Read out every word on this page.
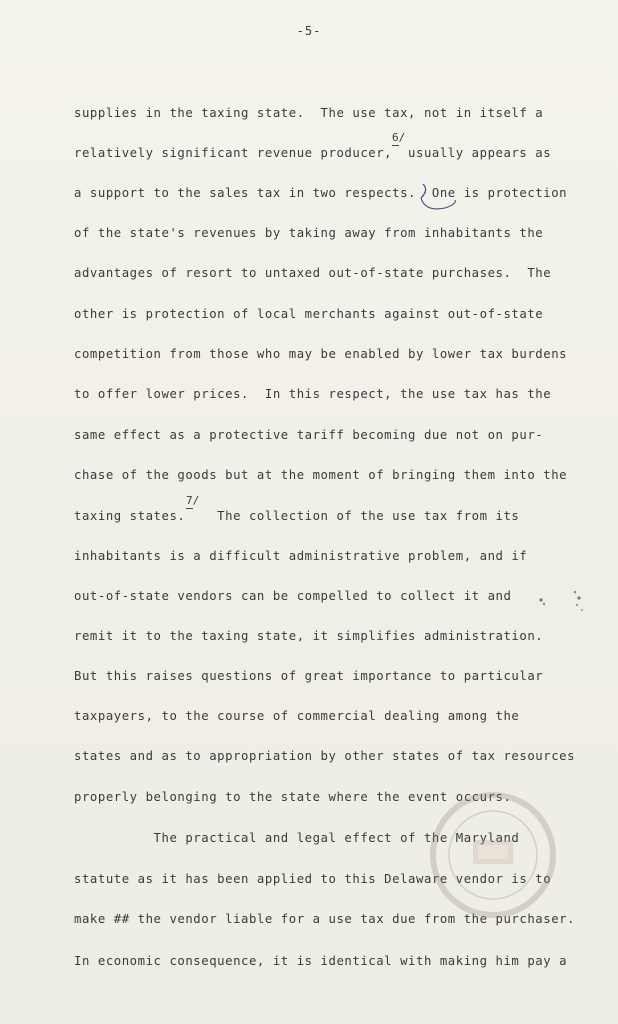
-5-
6/
7/
supplies in the taxing state.  The use tax, not in itself a
relatively significant revenue producer,  usually appears as
a support to the sales tax in two respects.  One is protection
of the state's revenues by taking away from inhabitants the
advantages of resort to untaxed out-of-state purchases.  The
other is protection of local merchants against out-of-state
competition from those who may be enabled by lower tax burdens
to offer lower prices.  In this respect, the use tax has the
same effect as a protective tariff becoming due not on pur-
chase of the goods but at the moment of bringing them into the
taxing states.    The collection of the use tax from its
inhabitants is a difficult administrative problem, and if
out-of-state vendors can be compelled to collect it and
remit it to the taxing state, it simplifies administration.
But this raises questions of great importance to particular
taxpayers, to the course of commercial dealing among the
states and as to appropriation by other states of tax resources
properly belonging to the state where the event occurs.
The practical and legal effect of the Maryland
statute as it has been applied to this Delaware vendor is to
make ## the vendor liable for a use tax due from the purchaser.
In economic consequence, it is identical with making him pay a
